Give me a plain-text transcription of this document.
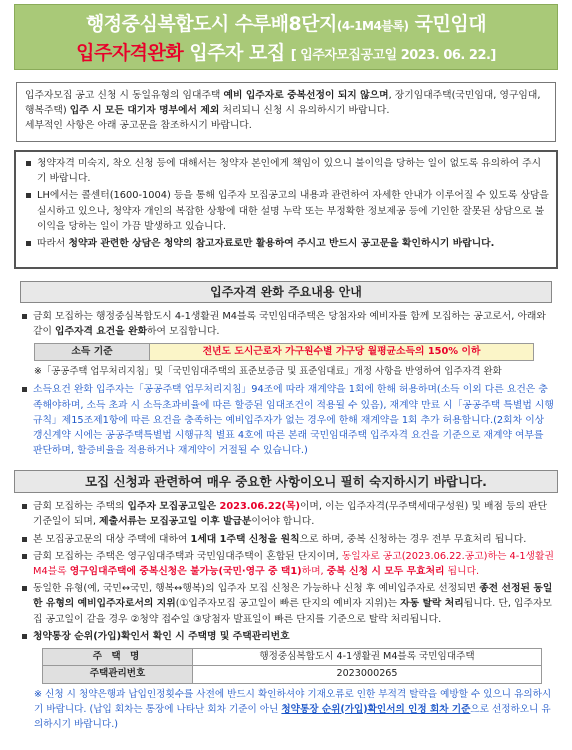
행정중심복합도시 수루배8단지(4-1M4블록) 국민임대
입주자격완화 입주자 모집 [ 입주자모집공고일 2023. 06. 22.]
입주자모집 공고 신청 시 동일유형의 임대주택 예비 입주자로 중복선정이 되지 않으며, 장기임대주택(국민임대, 영구임대, 행복주택) 입주 시 모든 대기자 명부에서 제외 처리되니 신청 시 유의하시기 바랍니다.
세부적인 사항은 아래 공고문을 참조하시기 바랍니다.
청약자격 미숙지, 착오 신청 등에 대해서는 청약자 본인에게 책임이 있으니 불이익을 당하는 일이 없도록 유의하여 주시기 바랍니다.
LH에서는 콜센터(1600-1004) 등을 통해 입주자 모집공고의 내용과 관련하여 자세한 안내가 이루어질 수 있도록 상담을 실시하고 있으나, 청약자 개인의 복잡한 상황에 대한 설명 누락 또는 부정확한 정보제공 등에 기인한 잘못된 상담으로 불이익을 당하는 일이 가끔 발생하고 있습니다.
따라서 청약과 관련한 상담은 청약의 참고자료로만 활용하여 주시고 반드시 공고문을 확인하시기 바랍니다.
입주자격 완화 주요내용 안내
금회 모집하는 행정중심복합도시 4-1생활권 M4블록 국민임대주택은 당첨자와 예비자를 함께 모집하는 공고로서, 아래와 같이 입주자격 요건을 완화하여 모집합니다.
소득 기준	전년도 도시근로자 가구원수별 가구당 월평균소득의 150% 이하
※「공공주택 업무처리지침」및「국민임대주택의 표준보증금 및 표준임대료」개정 사항을 반영하여 입주자격 완화
소득요건 완화 입주자는「공공주택 업무처리지침」94조에 따라 재계약을 1회에 한해 허용하며(소득 이외 다른 요건은 충족해야하며, 소득 초과 시 소득초과비율에 따른 할증된 임대조건이 적용될 수 있음), 재계약 만료 시「공공주택 특별법 시행규칙」제15조제1항에 따른 요건을 충족하는 예비입주자가 없는 경우에 한해 재계약을 1회 추가 허용합니다.(2회차 이상 갱신계약 시에는 공공주택특별법 시행규칙 별표 4호에 따른 본래 국민임대주택 입주자격 요건을 기준으로 재계약 여부를 판단하며, 할증비율을 적용하거나 재계약이 거절될 수 있습니다.)
모집 신청과 관련하여 매우 중요한 사항이오니 필히 숙지하시기 바랍니다.
금회 모집하는 주택의 입주자 모집공고일은 2023.06.22(목)이며, 이는 입주자격(무주택세대구성원) 및 배점 등의 판단 기준일이 되며, 제출서류는 모집공고일 이후 발급분이어야 합니다.
본 모집공고문의 대상 주택에 대하여 1세대 1주택 신청을 원칙으로 하며, 중복 신청하는 경우 전부 무효처리 됩니다.
금회 모집하는 주택은 영구임대주택과 국민임대주택이 혼합된 단지이며, 동일자로 공고(2023.06.22.공고)하는 4-1생활권 M4블록 영구임대주택에 중복신청은 불가능(국민·영구 중 택1)하며, 중복 신청 시 모두 무효처리 됩니다.
동일한 유형(예, 국민↔국민, 행복↔행복)의 입주자 모집 신청은 가능하나 신청 후 예비입주자로 선정되면 종전 선정된 동일한 유형의 예비입주자로서의 지위(①입주자모집 공고일이 빠른 단지의 예비자 지위)는 자동 탈락 처리됩니다. 단, 입주자모집 공고일이 같을 경우 ②청약 접수일 ③당첨자 발표일이 빠른 단지를 기준으로 탈락 처리됩니다.
청약통장 순위(가입)확인서 확인 시 주택명 및 주택관리번호
주 택 명	행정중심복합도시 4-1생활권 M4블록 국민임대주택
주택관리번호	2023000265
※ 신청 시 청약은행과 납입인정횟수를 사전에 반드시 확인하셔야 기재오류로 인한 부적격 탈락을 예방할 수 있으니 유의하시기 바랍니다. (납입 회차는 통장에 나타난 회차 기준이 아닌 청약통장 순위(가입)확인서의 인정 회차 기준으로 선정하오니 유의하시기 바랍니다.)
